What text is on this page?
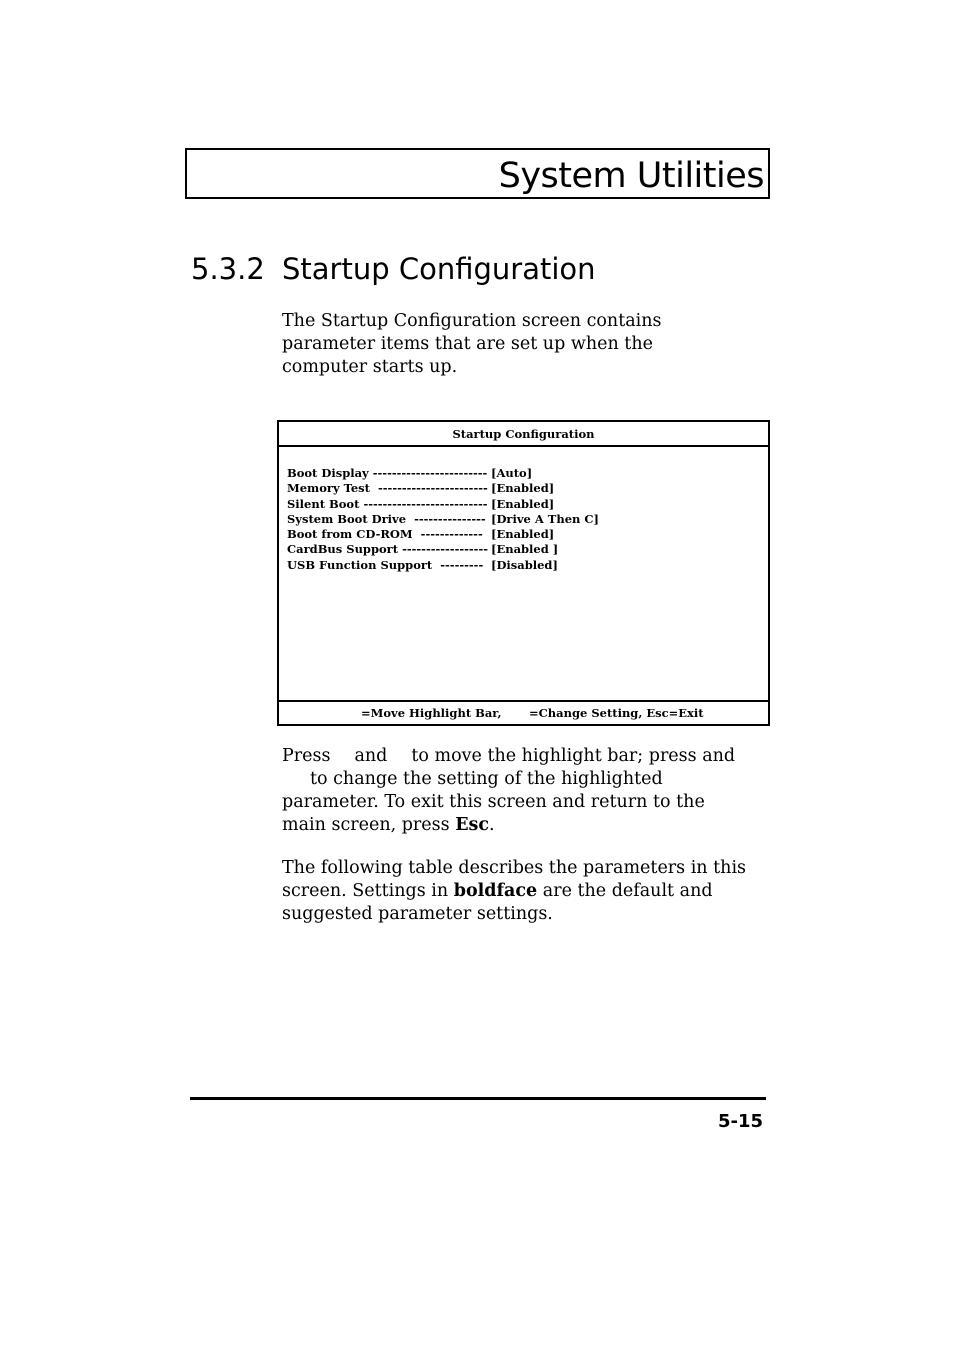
System Utilities
5.3.2 Startup Configuration

The Startup Configuration screen contains parameter items that are set up when the computer starts up.

Startup Configuration
Boot Display ------------------------ [Auto]
Memory Test ----------------------- [Enabled]
Silent Boot -------------------------- [Enabled]
System Boot Drive --------------- [Drive A Then C]
Boot from CD-ROM ------------- [Enabled]
CardBus Support ------------------ [Enabled ]
USB Function Support --------- [Disabled]
=Move Highlight Bar, =Change Setting, Esc=Exit

Press and to move the highlight bar; press andto change the setting of the highlighted parameter. To exit this screen and return to the main screen, press Esc.

The following table describes the parameters in this screen. Settings in boldface are the default and suggested parameter settings.

5-15
